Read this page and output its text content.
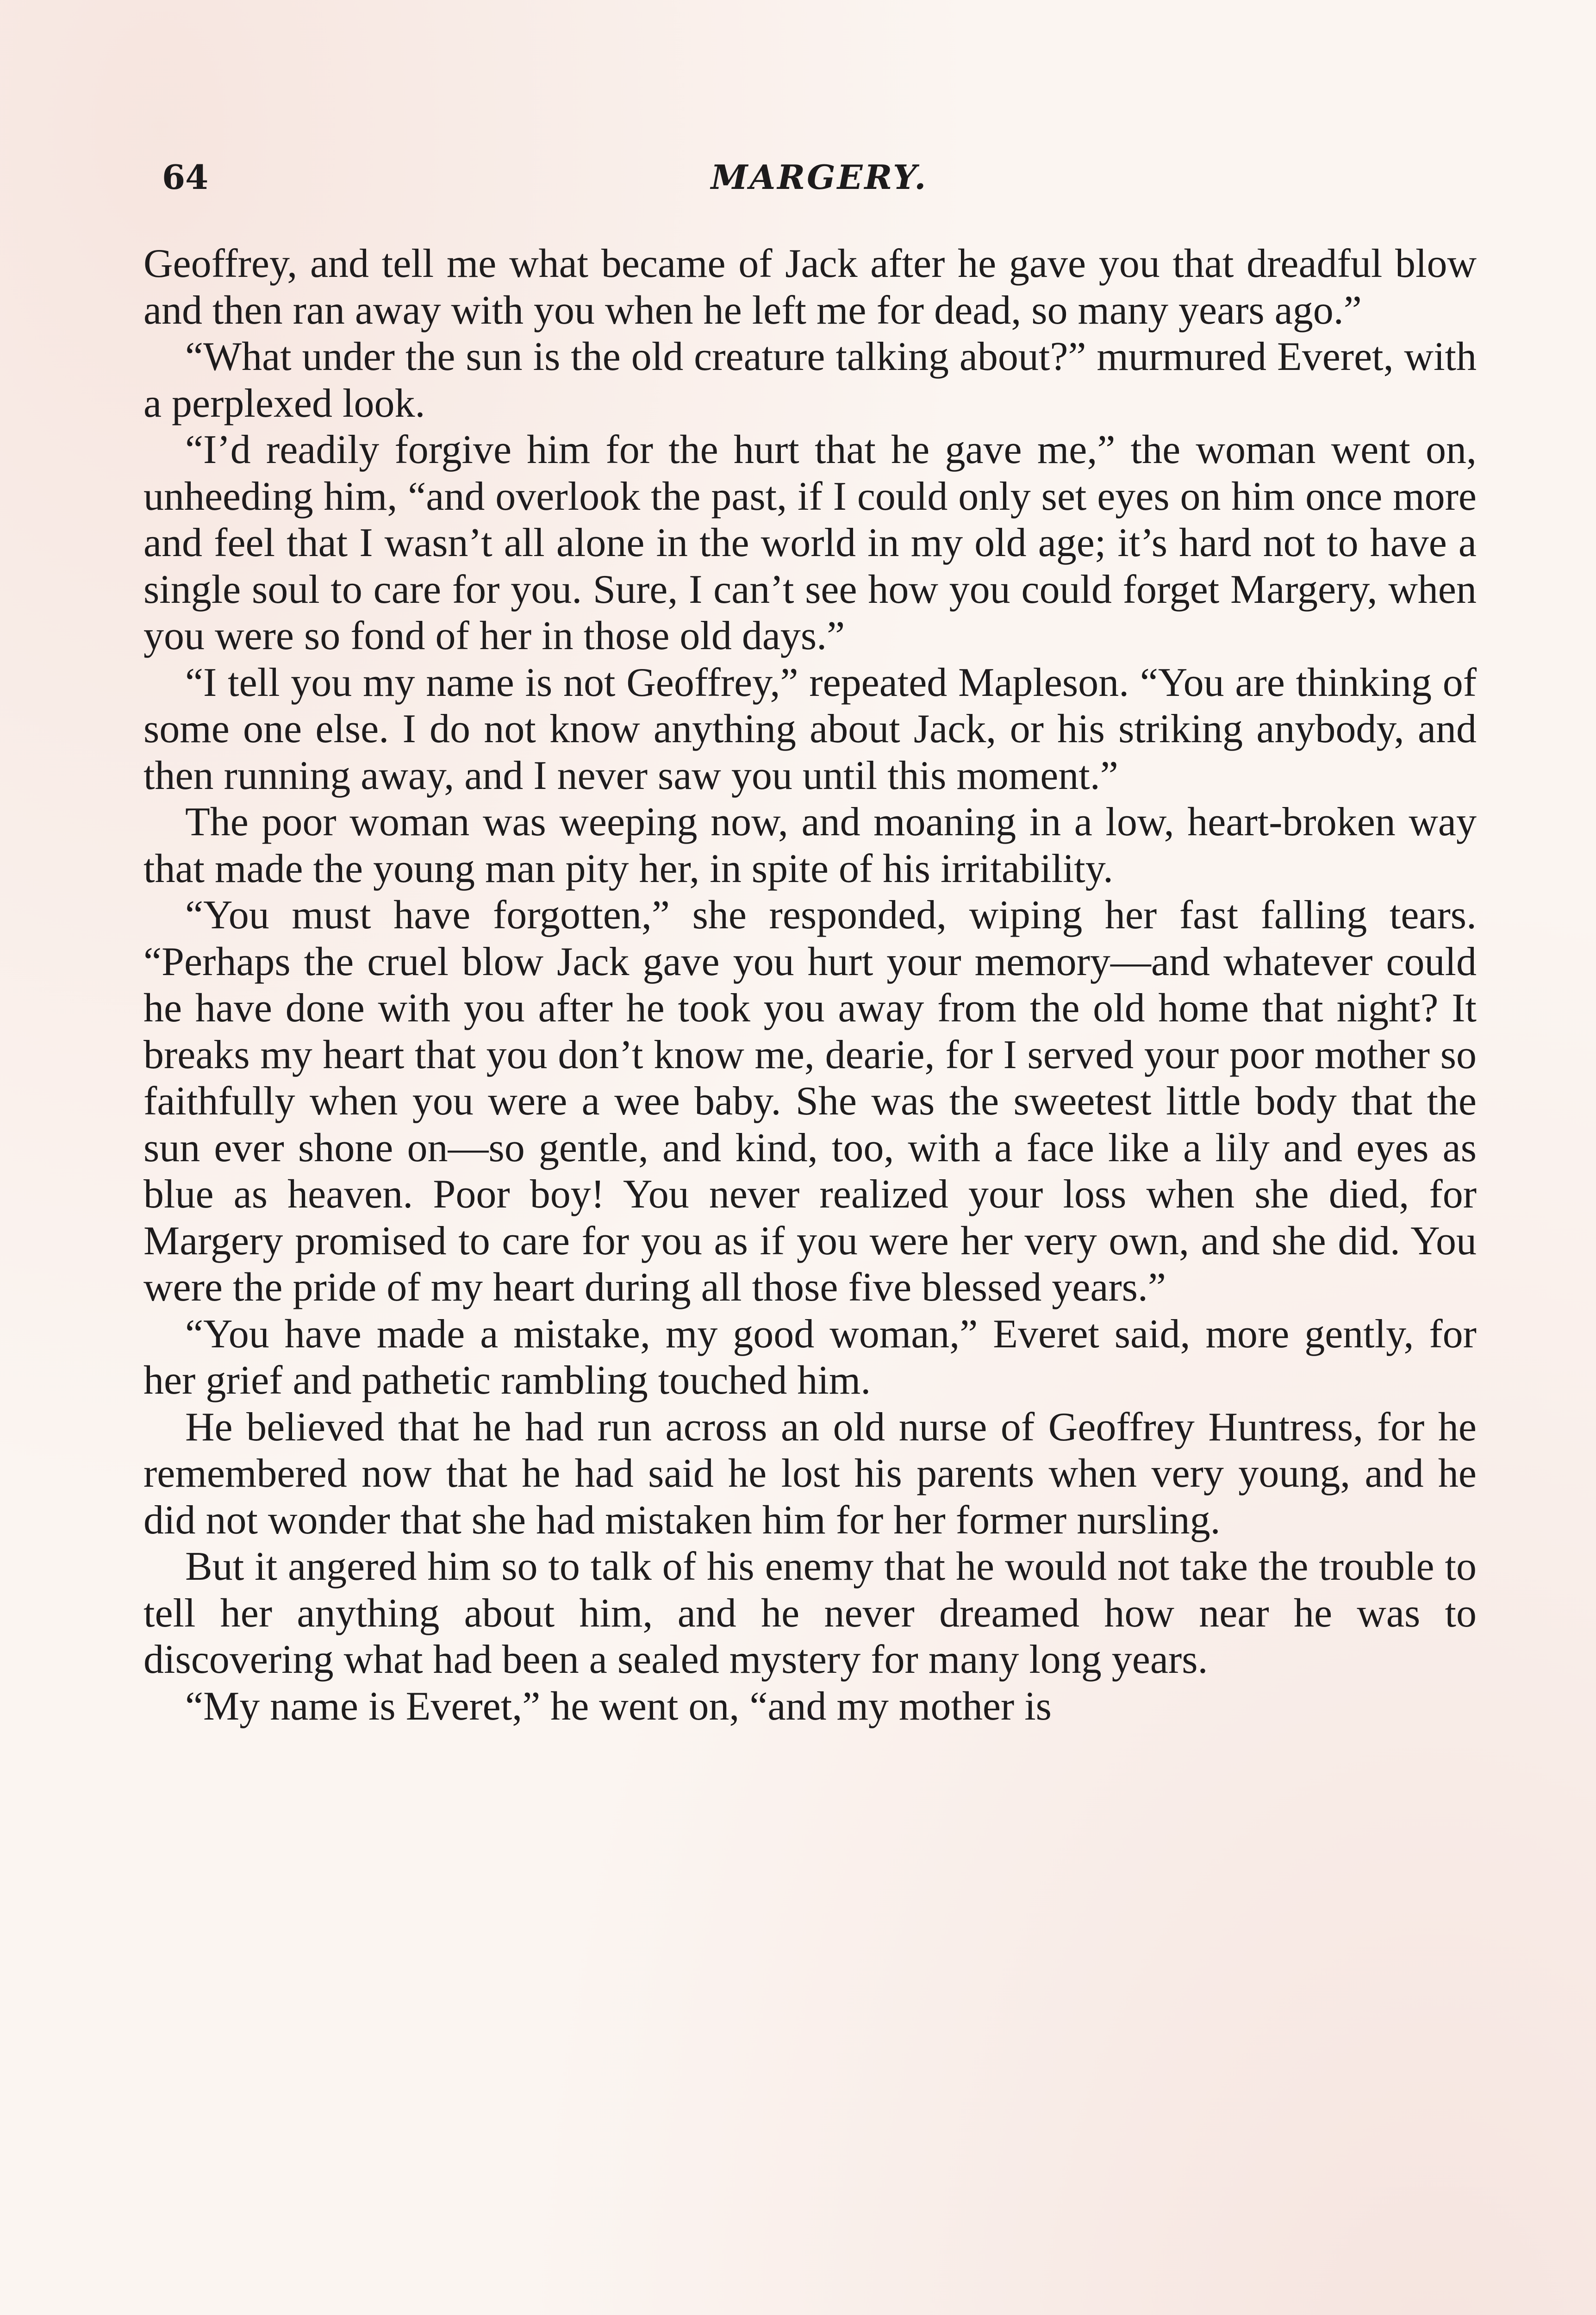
64	MARGERY.

Geoffrey, and tell me what became of Jack after he gave you that dreadful blow and then ran away with you when he left me for dead, so many years ago.”

“What under the sun is the old creature talking about?” murmured Everet, with a perplexed look.

“I’d readily forgive him for the hurt that he gave me,” the woman went on, unheeding him, “and overlook the past, if I could only set eyes on him once more and feel that I wasn’t all alone in the world in my old age; it’s hard not to have a single soul to care for you. Sure, I can’t see how you could forget Margery, when you were so fond of her in those old days.”

“I tell you my name is not Geoffrey,” repeated Mapleson. “You are thinking of some one else. I do not know anything about Jack, or his striking anybody, and then running away, and I never saw you until this moment.”

The poor woman was weeping now, and moaning in a low, heart-broken way that made the young man pity her, in spite of his irritability.

“You must have forgotten,” she responded, wiping her fast falling tears. “Perhaps the cruel blow Jack gave you hurt your memory—and whatever could he have done with you after he took you away from the old home that night? It breaks my heart that you don’t know me, dearie, for I served your poor mother so faithfully when you were a wee baby. She was the sweetest little body that the sun ever shone on—so gentle, and kind, too, with a face like a lily and eyes as blue as heaven. Poor boy! You never realized your loss when she died, for Margery promised to care for you as if you were her very own, and she did. You were the pride of my heart during all those five blessed years.”

“You have made a mistake, my good woman,” Everet said, more gently, for her grief and pathetic rambling touched him.

He believed that he had run across an old nurse of Geoffrey Huntress, for he remembered now that he had said he lost his parents when very young, and he did not wonder that she had mistaken him for her former nursling.

But it angered him so to talk of his enemy that he would not take the trouble to tell her anything about him, and he never dreamed how near he was to discovering what had been a sealed mystery for many long years.

“My name is Everet,” he went on, “and my mother is
